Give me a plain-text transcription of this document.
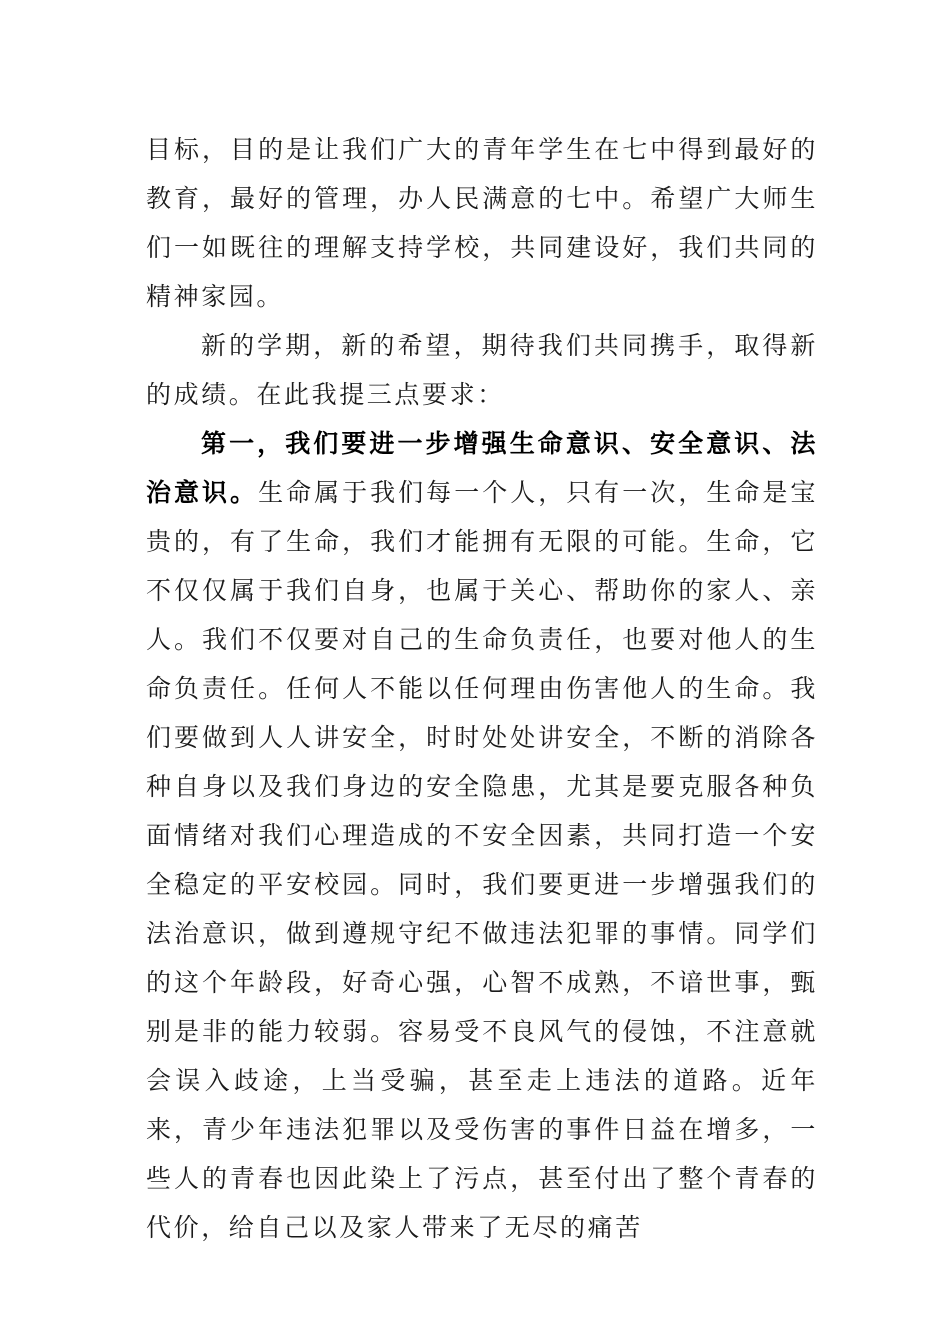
目标，目的是让我们广大的青年学生在七中得到最好的教育，最好的管理，办人民满意的七中。希望广大师生们一如既往的理解支持学校，共同建设好，我们共同的精神家园。

新的学期，新的希望，期待我们共同携手，取得新的成绩。在此我提三点要求：

第一，我们要进一步增强生命意识、安全意识、法治意识。生命属于我们每一个人，只有一次，生命是宝贵的，有了生命，我们才能拥有无限的可能。生命，它不仅仅属于我们自身，也属于关心、帮助你的家人、亲人。我们不仅要对自己的生命负责任，也要对他人的生命负责任。任何人不能以任何理由伤害他人的生命。我们要做到人人讲安全，时时处处讲安全，不断的消除各种自身以及我们身边的安全隐患，尤其是要克服各种负面情绪对我们心理造成的不安全因素，共同打造一个安全稳定的平安校园。同时，我们要更进一步增强我们的法治意识，做到遵规守纪不做违法犯罪的事情。同学们的这个年龄段，好奇心强，心智不成熟，不谙世事，甄别是非的能力较弱。容易受不良风气的侵蚀，不注意就会误入歧途，上当受骗，甚至走上违法的道路。近年来，青少年违法犯罪以及受伤害的事件日益在增多，一些人的青春也因此染上了污点，甚至付出了整个青春的代价，给自己以及家人带来了无尽的痛苦
